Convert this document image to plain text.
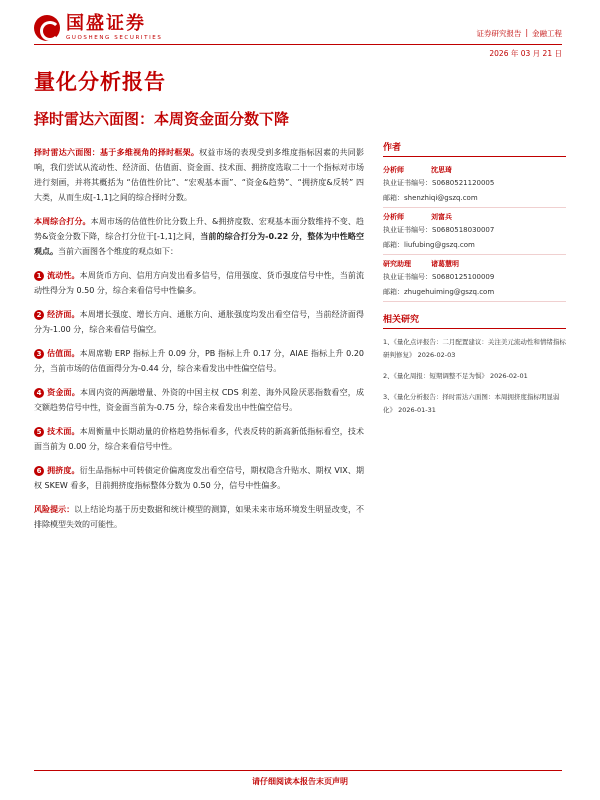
国盛证券
GUOSHENG SECURITIES	证券研究报告 | 金融工程
2026 年 03 月 21 日
量化分析报告
择时雷达六面图：本周资金面分数下降

择时雷达六面图：基于多维视角的择时框架。权益市场的表现受到多维度指标因素的共同影响，我们尝试从流动性、经济面、估值面、资金面、技术面、拥挤度选取二十一个指标对市场进行刻画，并将其概括为 “估值性价比”、“宏观基本面”、“资金&趋势”、“拥挤度&反转” 四大类，从而生成[-1,1]之间的综合择时分数。

本周综合打分。本周市场的估值性价比分数上升、&拥挤度数、宏观基本面分数维持不变、趋势&资金分数下降，综合打分位于[-1,1]之间，当前的综合打分为-0.22 分，整体为中性略空观点。当前六面图各个维度的观点如下：

1 流动性。本周货币方向、信用方向发出看多信号，信用强度、货币强度信号中性，当前流动性得分为 0.50 分，综合来看信号中性偏多。

2 经济面。本周增长强度、增长方向、通胀方向、通胀强度均发出看空信号，当前经济面得分为-1.00 分，综合来看信号偏空。

3 估值面。本周席勒 ERP 指标上升 0.09 分，PB 指标上升 0.17 分，AIAE 指标上升 0.20 分，当前市场的估值面得分为-0.44 分，综合来看发出中性偏空信号。

4 资金面。本周内资的两融增量、外资的中国主权 CDS 利差、海外风险厌恶指数看空，成交额趋势信号中性，资金面当前为-0.75 分，综合来看发出中性偏空信号。

5 技术面。本周衡量中长期动量的价格趋势指标看多，代表反转的新高新低指标看空，技术面当前为 0.00 分，综合来看信号中性。

6 拥挤度。衍生品指标中可转债定价偏离度发出看空信号，期权隐含升贴水、期权 VIX、期权 SKEW 看多，目前拥挤度指标整体分数为 0.50 分，信号中性偏多。

风险提示：以上结论均基于历史数据和统计模型的测算，如果未来市场环境发生明显改变，不排除模型失效的可能性。

作者
分析师	沈思琦
执业证书编号：S0680521120005
邮箱：shenzhiqi@gszq.com
分析师	刘富兵
执业证书编号：S0680518030007
邮箱：liufubing@gszq.com
研究助理	诸葛慧明
执业证书编号：S0680125100009
邮箱：zhugehuiming@gszq.com
相关研究
1、《量化点评报告：二月配置建议：关注美元流动性和情绪指标研判修复》 2026-02-03
2、《量化周报：短期调整不足为惧》 2026-02-01
3、《量化分析报告：择时雷达六面图：本周拥挤度指标明显弱化》 2026-01-31
请仔细阅读本报告末页声明
